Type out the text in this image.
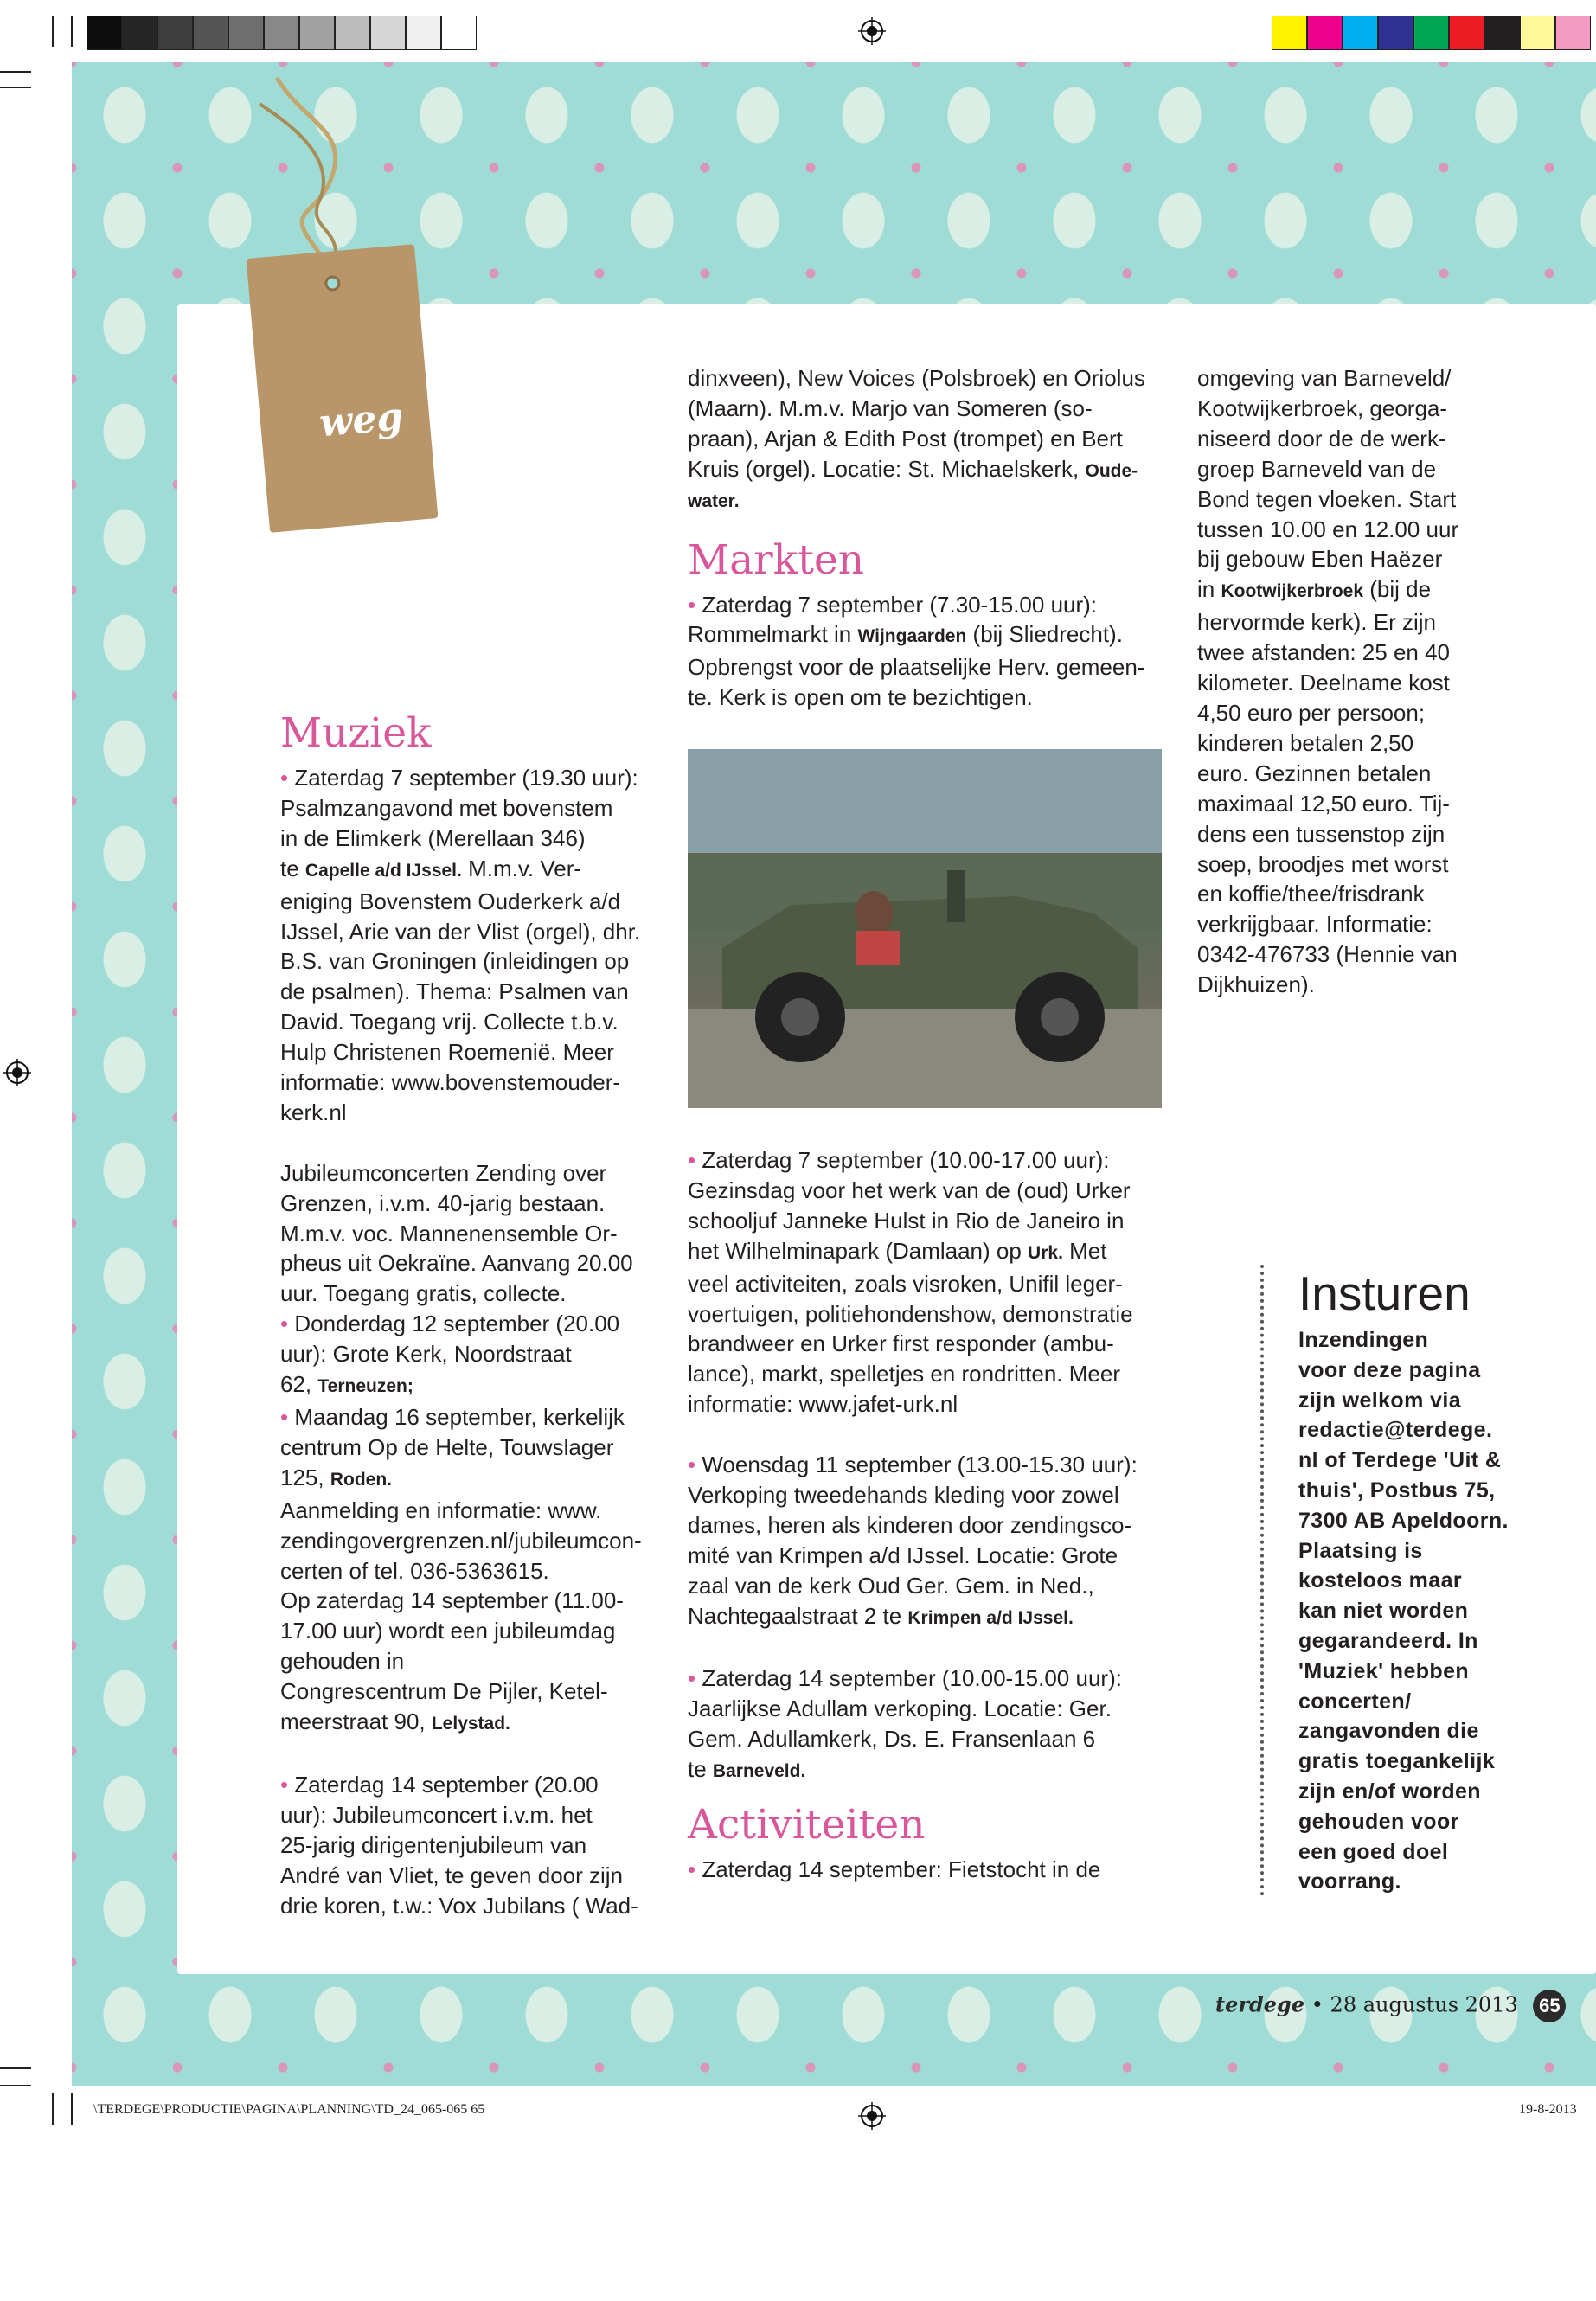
weg
Muziek

• Zaterdag 7 september (19.30 uur):

Psalmzangavond met bovenstem

in de Elimkerk (Merellaan 346)

te Capelle a/d IJssel. M.m.v. Ver-

eniging Bovenstem Ouderkerk a/d

IJssel, Arie van der Vlist (orgel), dhr.

B.S. van Groningen (inleidingen op

de psalmen). Thema: Psalmen van

David. Toegang vrij. Collecte t.b.v.

Hulp Christenen Roemenië. Meer

informatie: www.bovenstemouder-

kerk.nl

Jubileumconcerten Zending over

Grenzen, i.v.m. 40-jarig bestaan.

M.m.v. voc. Mannenensemble Or-

pheus uit Oekraïne. Aanvang 20.00

uur. Toegang gratis, collecte.

• Donderdag 12 september (20.00

uur): Grote Kerk, Noordstraat

62, Terneuzen;

• Maandag 16 september, kerkelijk

centrum Op de Helte, Touwslager

125, Roden.

Aanmelding en informatie: www.

zendingovergrenzen.nl/jubileumcon-

certen of tel. 036-5363615.

Op zaterdag 14 september (11.00-

17.00 uur) wordt een jubileumdag

gehouden in

Congrescentrum De Pijler, Ketel-

meerstraat 90, Lelystad.

• Zaterdag 14 september (20.00

uur): Jubileumconcert i.v.m. het

25-jarig dirigentenjubileum van

André van Vliet, te geven door zijn

drie koren, t.w.: Vox Jubilans ( Wad-

dinxveen), New Voices (Polsbroek) en Oriolus

(Maarn). M.m.v. Marjo van Someren (so-

praan), Arjan & Edith Post (trompet) en Bert

Kruis (orgel). Locatie: St. Michaelskerk, Oude-

water.

Markten

• Zaterdag 7 september (7.30-15.00 uur):

Rommelmarkt in Wijngaarden (bij Sliedrecht).

Opbrengst voor de plaatselijke Herv. gemeen-

te. Kerk is open om te bezichtigen.

• Zaterdag 7 september (10.00-17.00 uur):

Gezinsdag voor het werk van de (oud) Urker

schooljuf Janneke Hulst in Rio de Janeiro in

het Wilhelminapark (Damlaan) op Urk. Met

veel activiteiten, zoals visroken, Unifil leger-

voertuigen, politiehondenshow, demonstratie

brandweer en Urker first responder (ambu-

lance), markt, spelletjes en rondritten. Meer

informatie: www.jafet-urk.nl

• Woensdag 11 september (13.00-15.30 uur):

Verkoping tweedehands kleding voor zowel

dames, heren als kinderen door zendingsco-

mité van Krimpen a/d IJssel. Locatie: Grote

zaal van de kerk Oud Ger. Gem. in Ned.,

Nachtegaalstraat 2 te Krimpen a/d IJssel.

• Zaterdag 14 september (10.00-15.00 uur):

Jaarlijkse Adullam verkoping. Locatie: Ger.

Gem. Adullamkerk, Ds. E. Fransenlaan 6

te Barneveld.

Activiteiten

• Zaterdag 14 september: Fietstocht in de

omgeving van Barneveld/

Kootwijkerbroek, georga-

niseerd door de de werk-

groep Barneveld van de

Bond tegen vloeken. Start

tussen 10.00 en 12.00 uur

bij gebouw Eben Haëzer

in Kootwijkerbroek (bij de

hervormde kerk). Er zijn

twee afstanden: 25 en 40

kilometer. Deelname kost

4,50 euro per persoon;

kinderen betalen 2,50

euro. Gezinnen betalen

maximaal 12,50 euro. Tij-

dens een tussenstop zijn

soep, broodjes met worst

en koffie/thee/frisdrank

verkrijgbaar. Informatie:

0342-476733 (Hennie van

Dijkhuizen).

Insturen
Inzendingen
voor deze pagina
zijn welkom via
redactie@terdege.
nl of Terdege 'Uit &
thuis', Postbus 75,
7300 AB Apeldoorn.
Plaatsing is
kosteloos maar
kan niet worden
gegarandeerd. In
'Muziek' hebben
concerten/
zangavonden die
gratis toegankelijk
zijn en/of worden
gehouden voor
een goed doel
voorrang.
terdege • 28 augustus 2013 65
\TERDEGE\PRODUCTIE\PAGINA\PLANNING\TD_24_065-065 65	19-8-2013
